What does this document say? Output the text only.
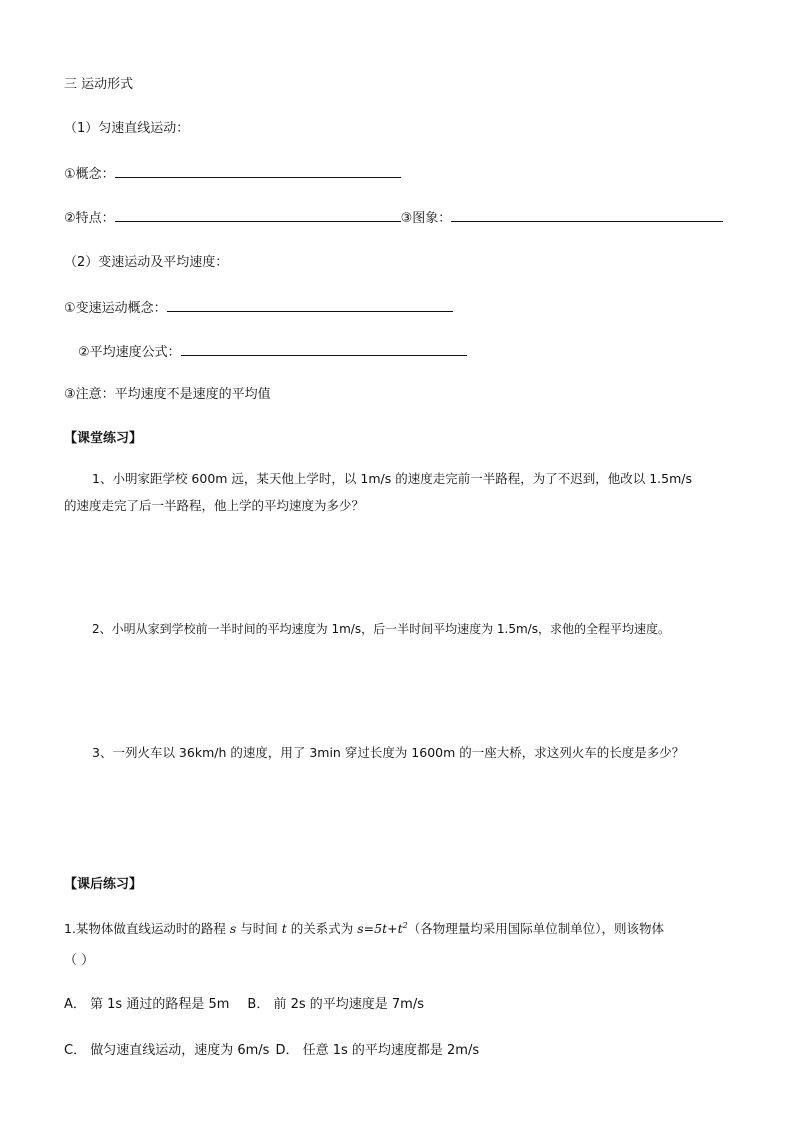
三 运动形式
（1）匀速直线运动：
①概念：
②特点：	③图象：
（2）变速运动及平均速度：
①变速运动概念：
②平均速度公式：
③注意：平均速度不是速度的平均值
【课堂练习】
1、小明家距学校 600m 远，某天他上学时，以 1m/s 的速度走完前一半路程，为了不迟到，他改以 1.5m/s
的速度走完了后一半路程，他上学的平均速度为多少？
2、小明从家到学校前一半时间的平均速度为 1m/s，后一半时间平均速度为 1.5m/s，求他的全程平均速度。
3、一列火车以 36km/h 的速度，用了 3min 穿过长度为 1600m 的一座大桥，求这列火车的长度是多少？
【课后练习】
1.某物体做直线运动时的路程 s 与时间 t 的关系式为 $s=5t+t^2$（各物理量均采用国际单位制单位），则该物体
（ ）
A． 第 1s 通过的路程是 5m B． 前 2s 的平均速度是 7m/s
C． 做匀速直线运动，速度为 6m/s D． 任意 1s 的平均速度都是 2m/s
